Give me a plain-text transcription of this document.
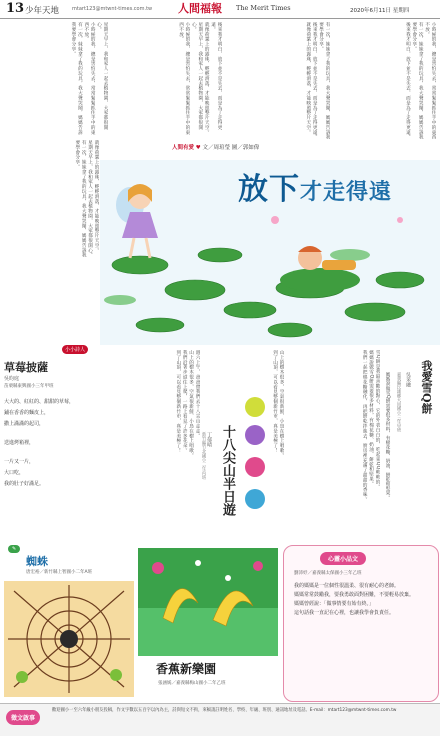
13 少年天地	mtart123@mtwnt-times.com.tw 人間福報 The Merit Times	2020年6月11日 星期四

星期天早上，我和家人一起去植物園，大家都很開心。

小時候的我，總是害怕失去，常常緊緊抓住手中的東西不放。

有一次，妹妹拿了我的玩具，我大聲哭鬧，媽媽告訴我要學會分享。	後來我才明白，放下並不是失去，而是為了走得更遠。

就像荷葉上的露珠，輕輕滑落，才能映照整片天空。

星期天早上，我和家人一起去植物園，大家都很開心。

小時候的我，總是害怕失去，常常緊緊抓住手中的東西不放。	有一次，妹妹拿了我的玩具，我大聲哭鬧，媽媽告訴我要學會分享。

後來我才明白，放下並不是失去，而是為了走得更遠。

就像荷葉上的露珠，輕輕滑落，才能映照整片天空。	小時候的我，總是害怕失去，常常緊緊抓住手中的東西不放。

有一次，妹妹拿了我的玩具，我大聲哭鬧，媽媽告訴我要學會分享。

後來我才明白，放下並不是失去，而是為了走得更遠。

就像荷葉上的露珠，輕輕滑落，才能映照整片天空。

星期天早上，我和家人一起去植物園，大家都很開心。

有一次，妹妹拿了我的玩具，我大聲哭鬧，媽媽告訴我要學會分享。	人間有愛 ♥ 文／周瑄瑩 圖／郭如偉
放下才走得遠
小小詩人
草莓披薩
吳昀庭
苗栗縣東興國小三年甲班
大大的、紅紅的、甜甜的草莓，
鋪在香香的麵皮上，
撒上滿滿的起司，
送進烤箱裡，
一片又一片，
大口吃，
我的肚子好滿足。

週六上午，爸爸帶我們去十八尖山走走。

山上的樹木很多，空氣很新鮮，小鳥在樹上唱歌。

我們沿著步道往上爬，一路上看見了許多花朵。

到了山頂，可以看見整個新竹市，真是美極了！

十八尖山半日遊
丁郁晴
新竹縣竹北國小二年丙班	山上的樹木很多，空氣很新鮮，小鳥在樹上唱歌。

到了山頂，可以看見整個新竹市，真是美極了！	雪Q餅是我最喜歡的點心，它的外表白白的，吃起來QQ軟軟的。

媽媽說做雪Q餅需要很多材料，有棉花糖、奶油、餅乾和堅果。

我們一起把棉花糖融化，再把餅乾拌進去，廚房裡充滿了甜甜的香味。	我愛雪Q餅
吳采融
嘉義縣民雄鄉大同國小三年甲班
媽媽說做雪Q餅需要很多材料，有棉花糖、奶油、餅乾和堅果。
✎
蜘蛛
唐宏裕／新竹縣上智國小二年A班
香蕉新樂園
張涵嫣／嘉義縣梅山國小二年乙班
心靈小品文
劉沛妤／嘉義縣太保國小三年乙班
我的媽媽是一位個性很溫柔、很有耐心的老師。
媽媽常常鼓勵我，要我勇敢面對困難，不要輕易放棄。
媽媽曾經說：「做事情要有始有終。」
這句話我一直記在心裡，也讓我學會負責任。
徵文啟事
歡迎國小一至六年級小朋友投稿，作文字數以五百字以內為主，詩與短文不拘，來稿請註明姓名、學校、年級、班別、通訊地址及電話。E-mail：mtart123@mtwnt-times.com.tw
